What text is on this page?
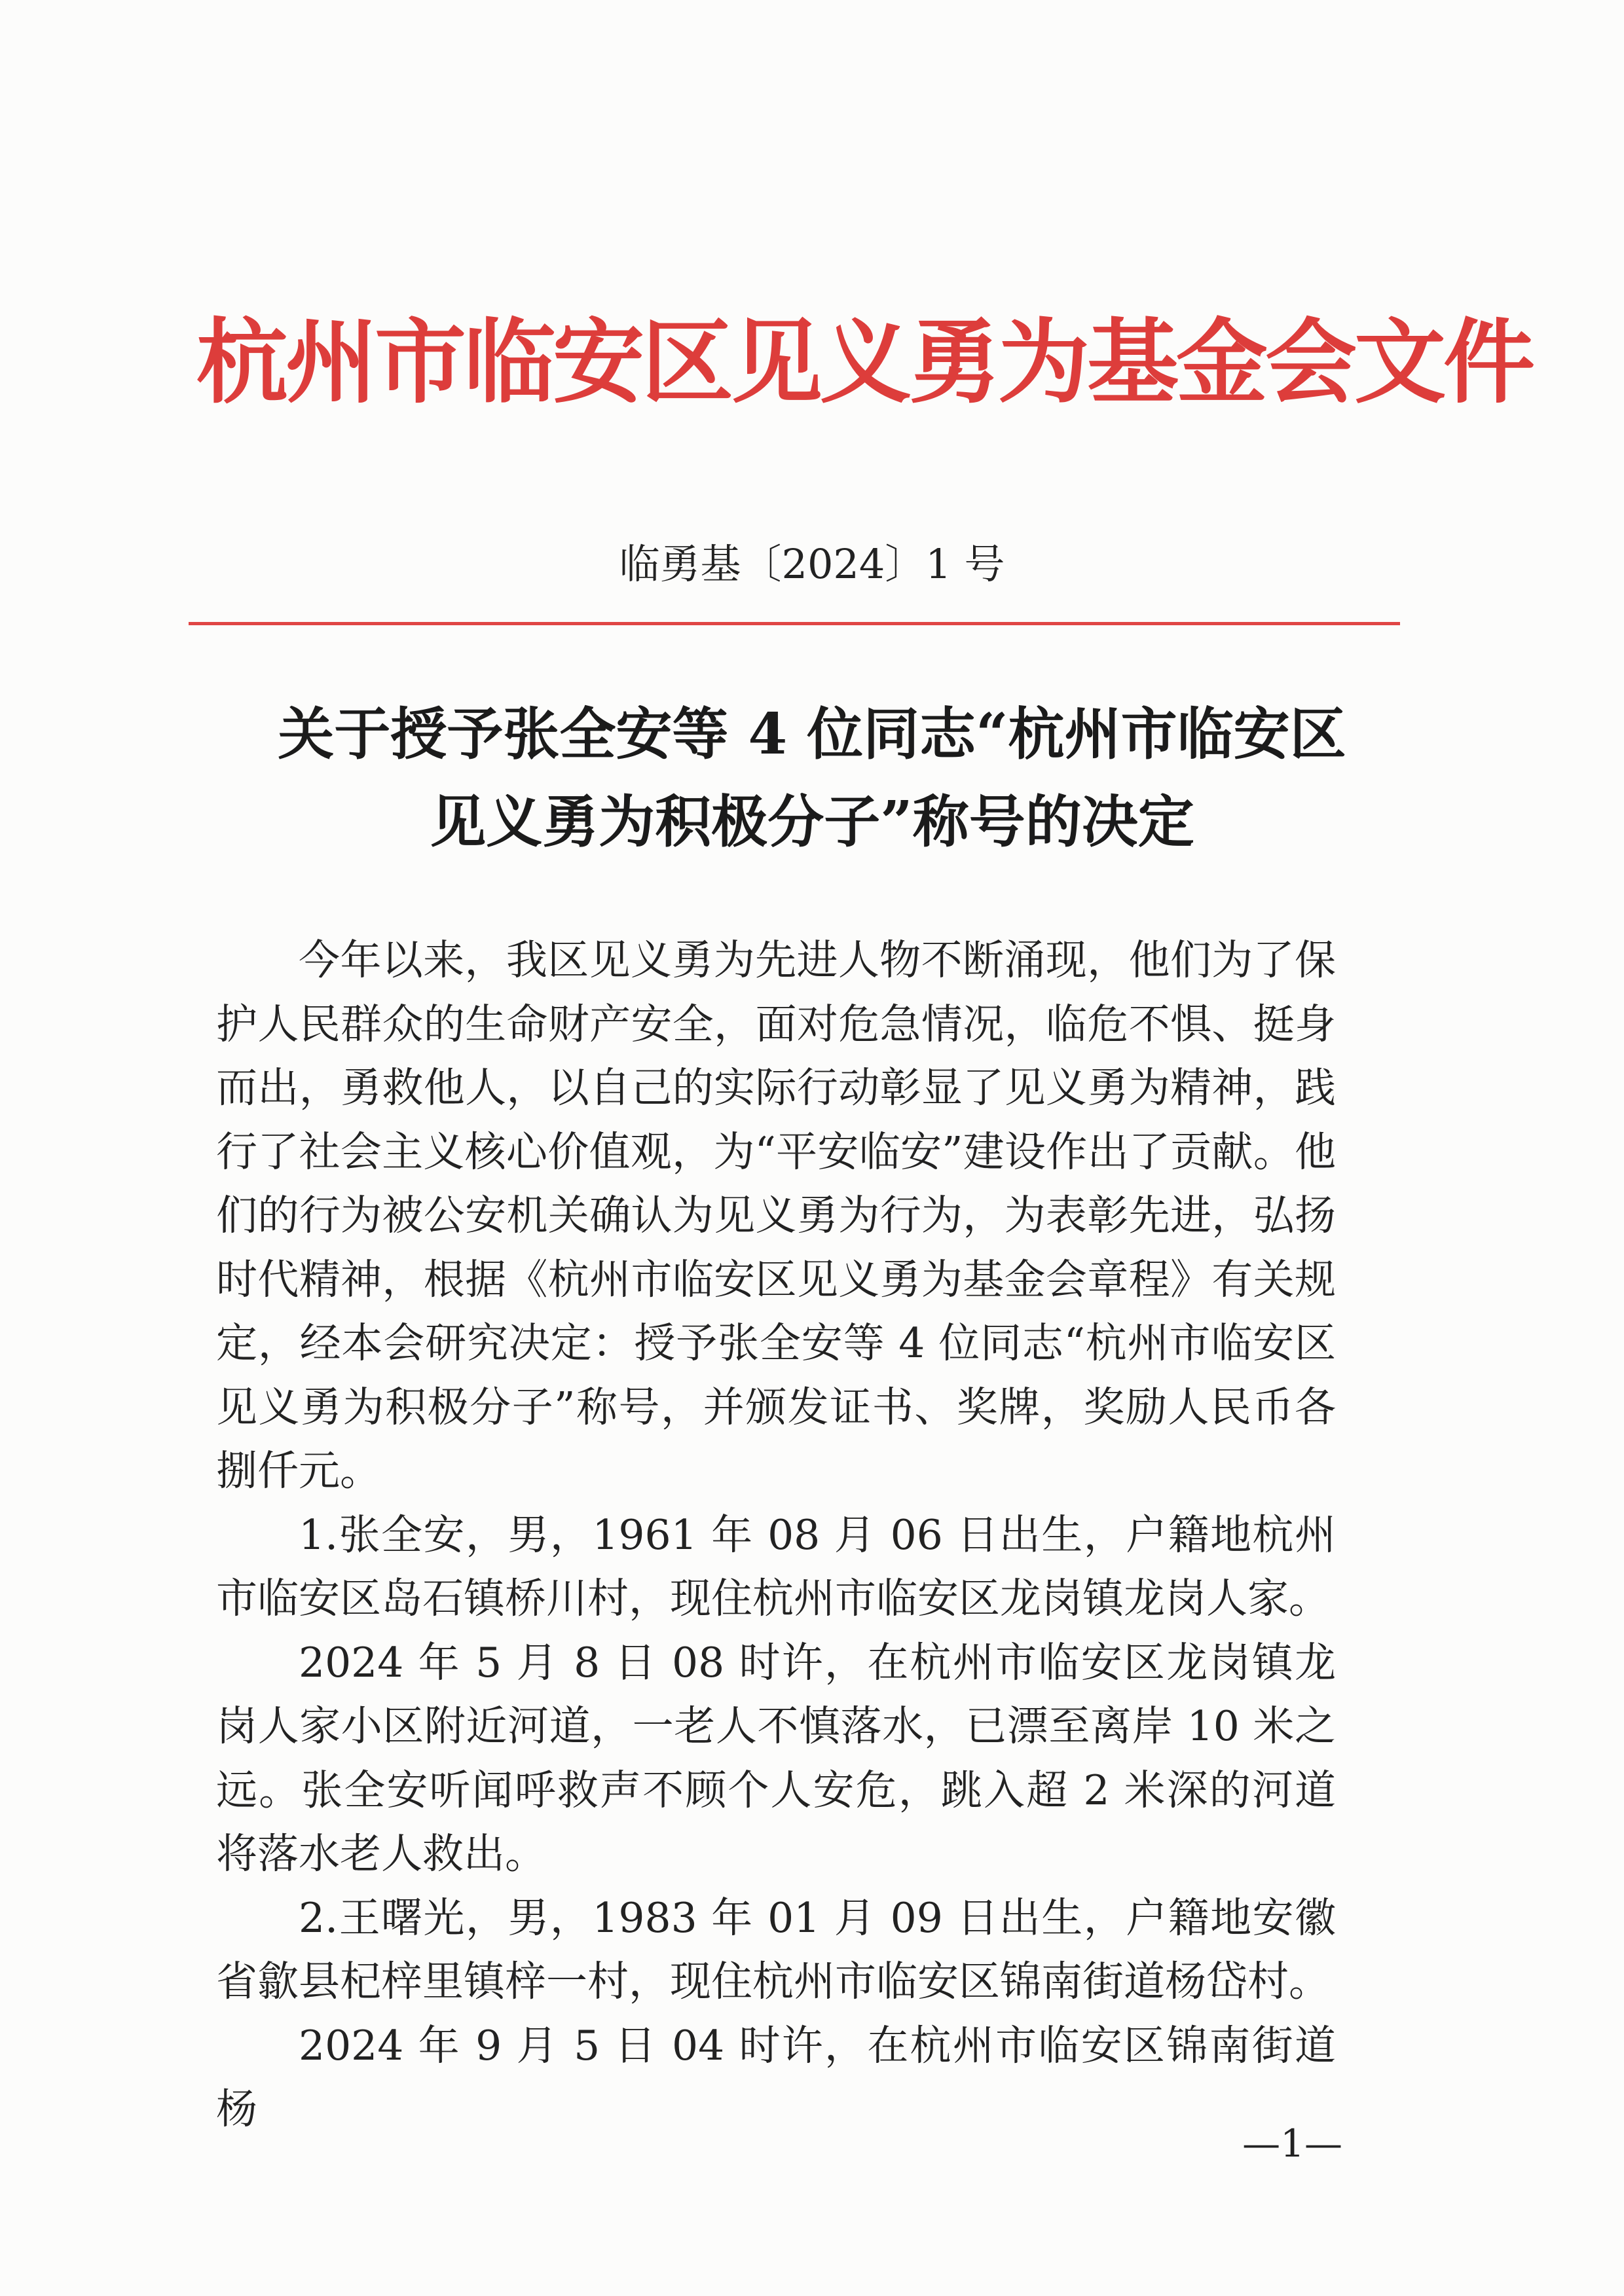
杭州市临安区见义勇为基金会文件
临勇基〔2024〕1 号
关于授予张全安等 4 位同志“杭州市临安区
见义勇为积极分子”称号的决定

今年以来，我区见义勇为先进人物不断涌现，他们为了保护人民群众的生命财产安全，面对危急情况，临危不惧、挺身而出，勇救他人，以自己的实际行动彰显了见义勇为精神，践行了社会主义核心价值观，为“平安临安”建设作出了贡献。他们的行为被公安机关确认为见义勇为行为，为表彰先进，弘扬时代精神，根据《杭州市临安区见义勇为基金会章程》有关规定，经本会研究决定：授予张全安等 4 位同志“杭州市临安区见义勇为积极分子”称号，并颁发证书、奖牌，奖励人民币各捌仟元。

1.张全安，男，1961 年 08 月 06 日出生，户籍地杭州市临安区岛石镇桥川村，现住杭州市临安区龙岗镇龙岗人家。

2024 年 5 月 8 日 08 时许，在杭州市临安区龙岗镇龙岗人家小区附近河道，一老人不慎落水，已漂至离岸 10 米之远。张全安听闻呼救声不顾个人安危，跳入超 2 米深的河道将落水老人救出。

2.王曙光，男，1983 年 01 月 09 日出生，户籍地安徽省歙县杞梓里镇梓一村，现住杭州市临安区锦南街道杨岱村。

2024 年 9 月 5 日 04 时许，在杭州市临安区锦南街道杨

—1—
